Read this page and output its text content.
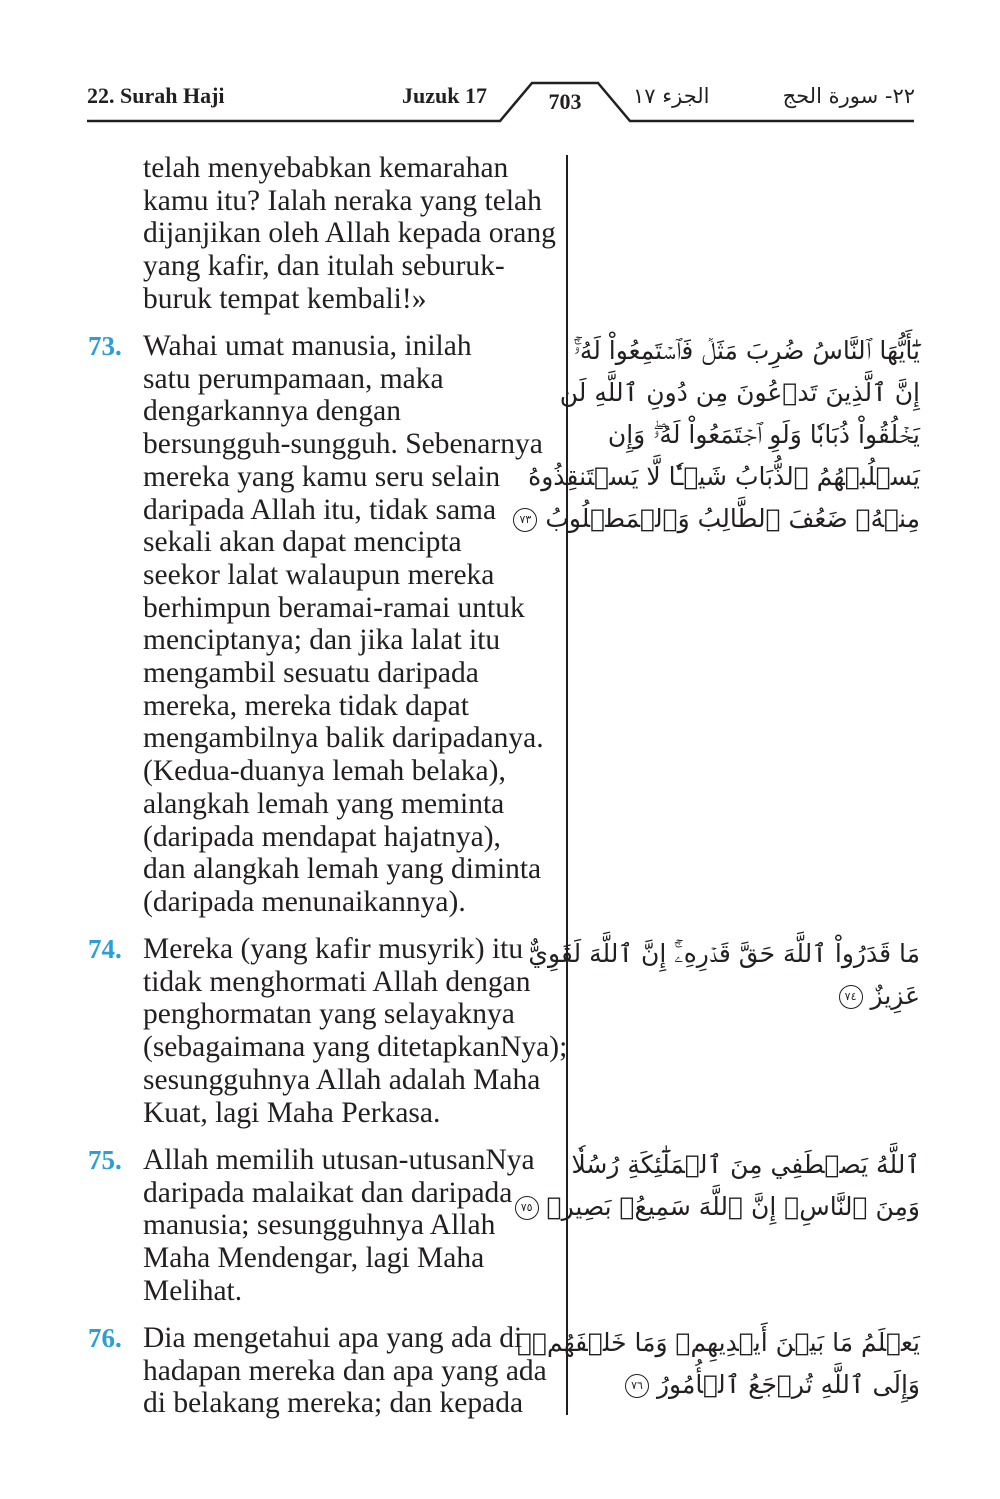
22. Surah Haji	Juzuk 17	703	الجزء ١٧	٢٢- سورة الحج
telah menyebabkan kemarahan
kamu itu? Ialah neraka yang telah
dijanjikan oleh Allah kepada orang
yang kafir, dan itulah seburuk-
buruk tempat kembali!»
73. Wahai umat manusia, inilah
satu perumpamaan, maka
dengarkannya dengan
bersungguh-sungguh. Sebenarnya
mereka yang kamu seru selain
daripada Allah itu, tidak sama
sekali akan dapat mencipta
seekor lalat walaupun mereka
berhimpun beramai-ramai untuk
menciptanya; dan jika lalat itu
mengambil sesuatu daripada
mereka, mereka tidak dapat
mengambilnya balik daripadanya.
(Kedua-duanya lemah belaka),
alangkah lemah yang meminta
(daripada mendapat hajatnya),
dan alangkah lemah yang diminta
(daripada menunaikannya).
يَٰٓأَيُّهَا ٱلنَّاسُ ضُرِبَ مَثَلٞ فَٱسۡتَمِعُواْ لَهُۥٓۚ
إِنَّ ٱلَّذِينَ تَدۡعُونَ مِن دُونِ ٱللَّهِ لَن
يَخۡلُقُواْ ذُبَابٗا وَلَوِ ٱجۡتَمَعُواْ لَهُۥۖ وَإِن
يَسۡلُبۡهُمُ ٱلذُّبَابُ شَيۡـٔٗا لَّا يَسۡتَنقِذُوهُ
مِنۡهُۚ ضَعُفَ ٱلطَّالِبُ وَٱلۡمَطۡلُوبُ ٧٣
74. Mereka (yang kafir musyrik) itu
tidak menghormati Allah dengan
penghormatan yang selayaknya
(sebagaimana yang ditetapkanNya);
sesungguhnya Allah adalah Maha
Kuat, lagi Maha Perkasa.
مَا قَدَرُواْ ٱللَّهَ حَقَّ قَدۡرِهِۦٓۚ إِنَّ ٱللَّهَ لَقَوِيٌّ
عَزِيزٌ ٧٤
75. Allah memilih utusan-utusanNya
daripada malaikat dan daripada
manusia; sesungguhnya Allah
Maha Mendengar, lagi Maha
Melihat.
ٱللَّهُ يَصۡطَفِي مِنَ ٱلۡمَلَٰٓئِكَةِ رُسُلٗا
وَمِنَ ٱلنَّاسِۚ إِنَّ ٱللَّهَ سَمِيعُۢ بَصِيرٞ ٧٥
76. Dia mengetahui apa yang ada di
hadapan mereka dan apa yang ada
di belakang mereka; dan kepada
يَعۡلَمُ مَا بَيۡنَ أَيۡدِيهِمۡ وَمَا خَلۡفَهُمۡۗ
وَإِلَى ٱللَّهِ تُرۡجَعُ ٱلۡأُمُورُ ٧٦
